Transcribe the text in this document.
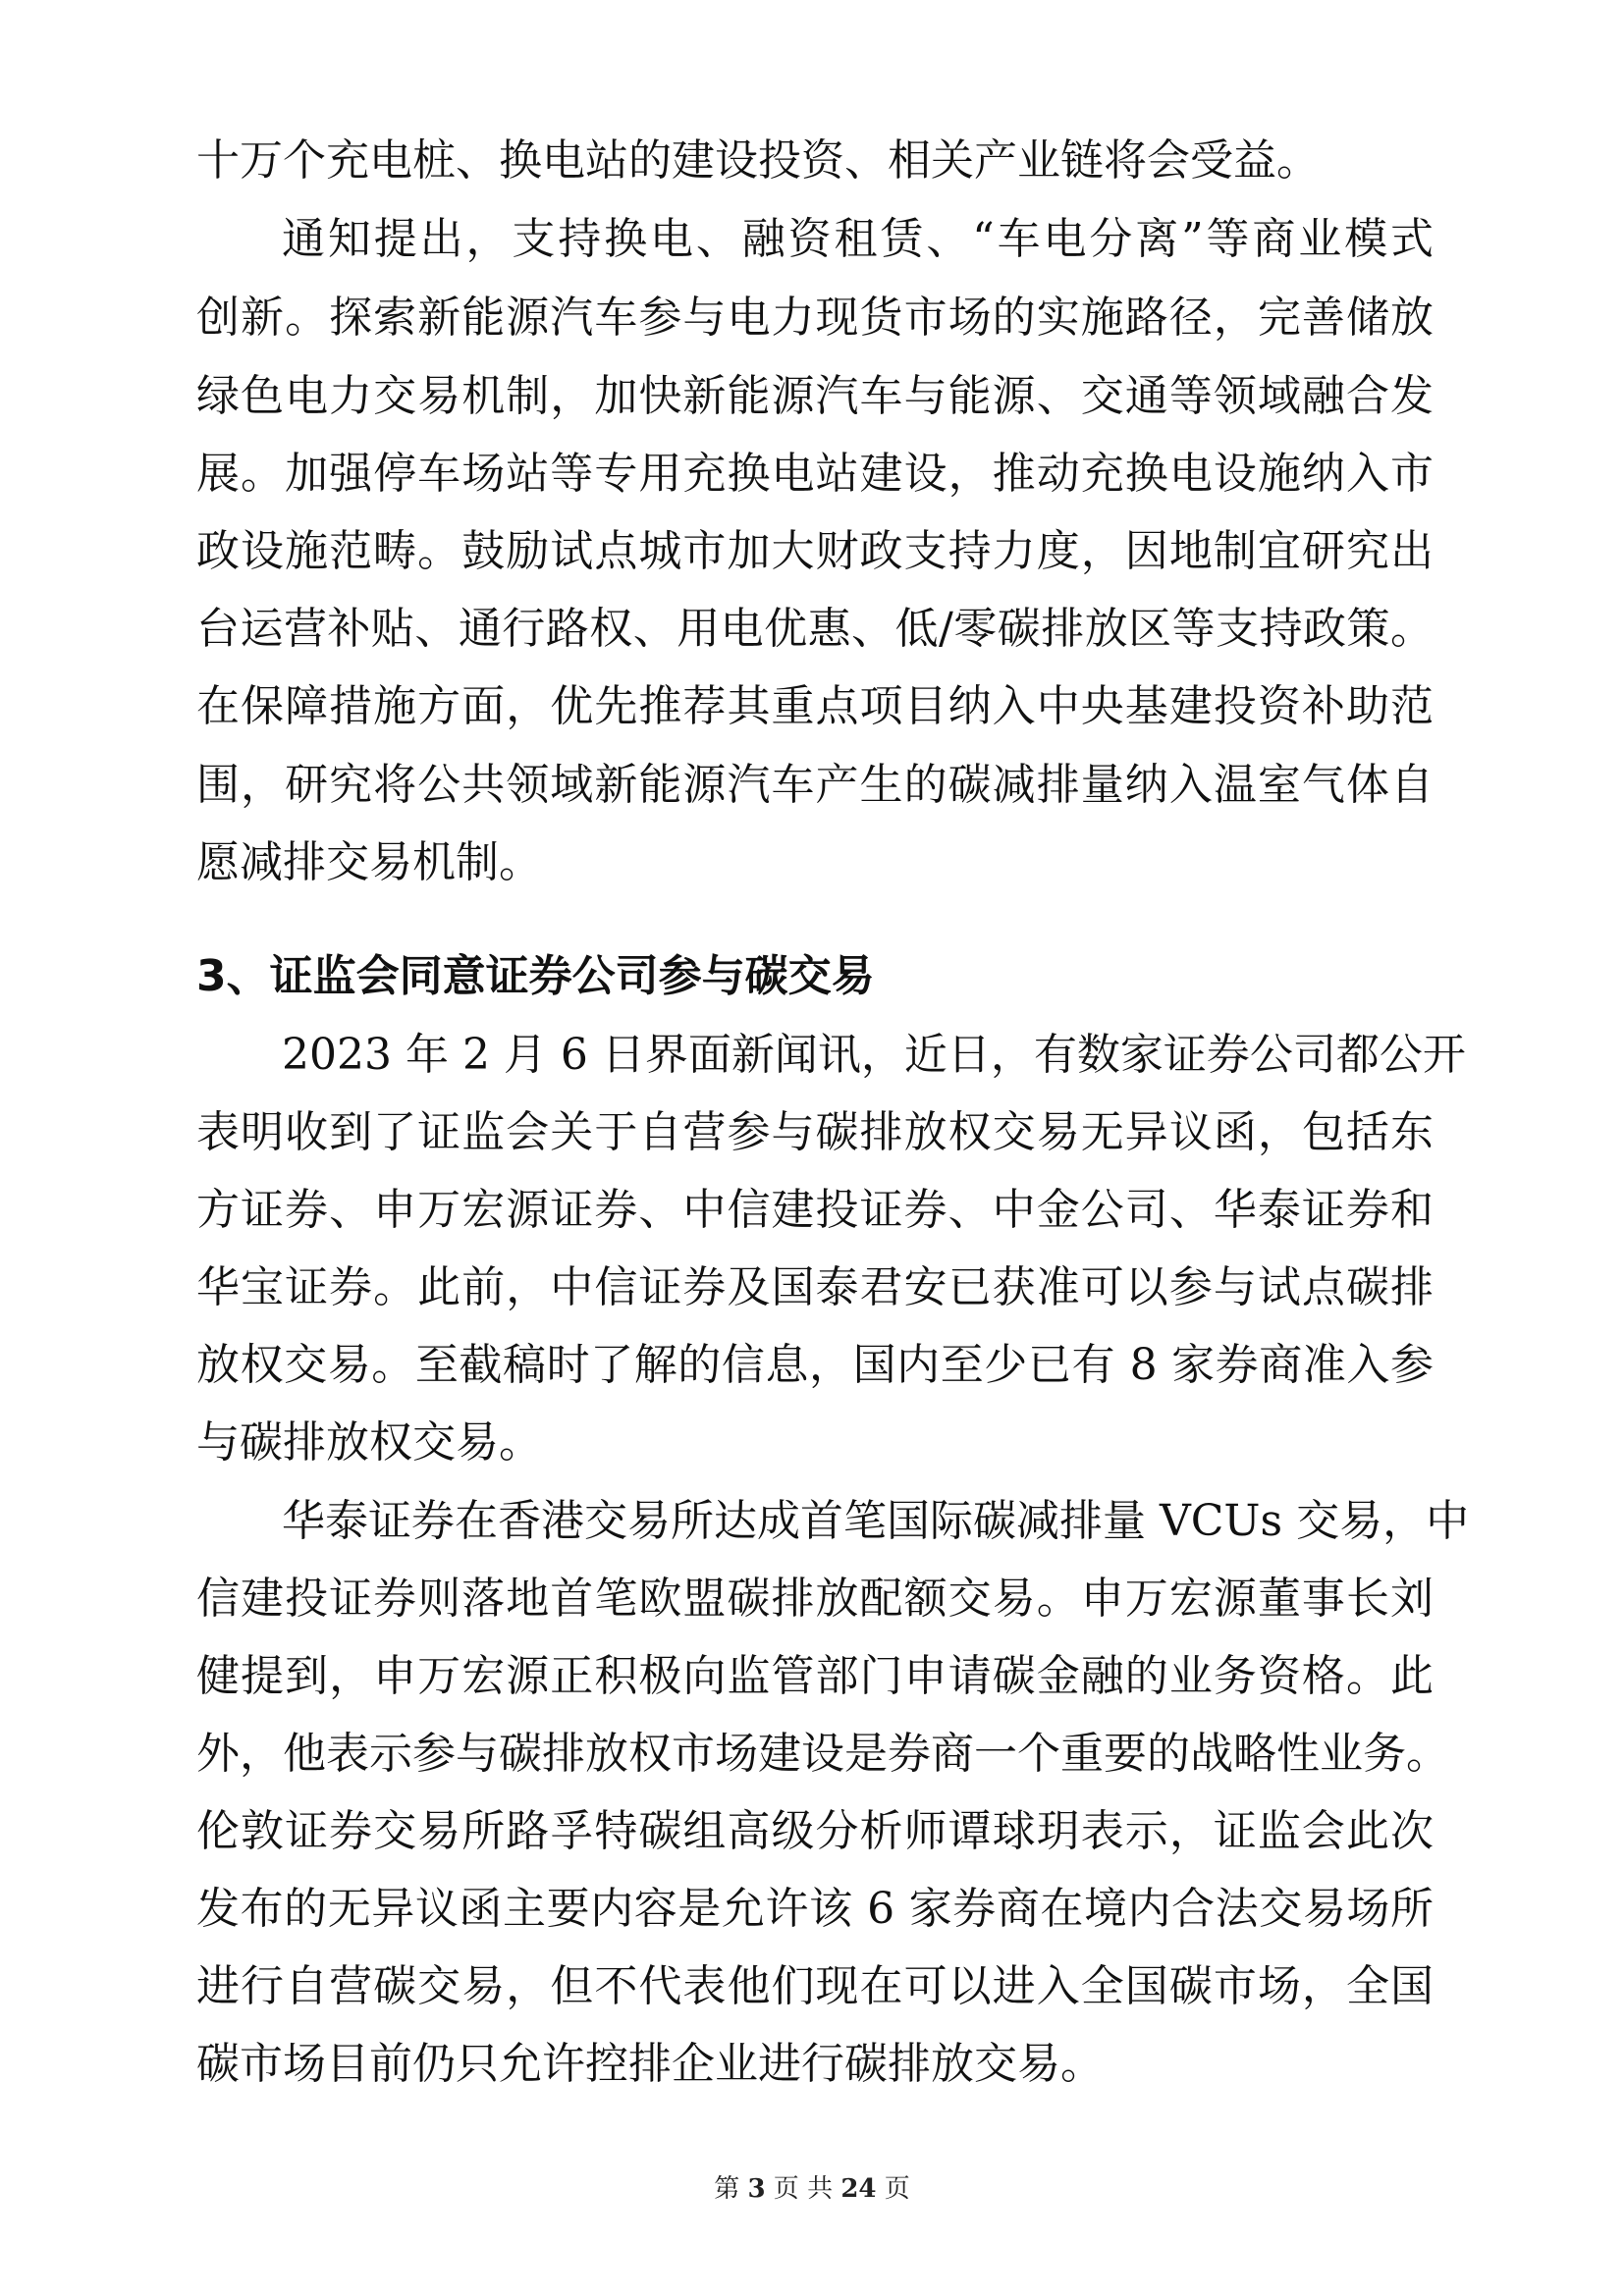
十万个充电桩、换电站的建设投资、相关产业链将会受益。
通知提出，支持换电、融资租赁、“车电分离”等商业模式
创新。探索新能源汽车参与电力现货市场的实施路径，完善储放
绿色电力交易机制，加快新能源汽车与能源、交通等领域融合发
展。加强停车场站等专用充换电站建设，推动充换电设施纳入市
政设施范畴。鼓励试点城市加大财政支持力度，因地制宜研究出
台运营补贴、通行路权、用电优惠、低/零碳排放区等支持政策。
在保障措施方面，优先推荐其重点项目纳入中央基建投资补助范
围，研究将公共领域新能源汽车产生的碳减排量纳入温室气体自
愿减排交易机制。
3、证监会同意证券公司参与碳交易
2023 年 2 月 6 日界面新闻讯，近日，有数家证券公司都公开
表明收到了证监会关于自营参与碳排放权交易无异议函，包括东
方证券、申万宏源证券、中信建投证券、中金公司、华泰证券和
华宝证券。此前，中信证券及国泰君安已获准可以参与试点碳排
放权交易。至截稿时了解的信息，国内至少已有 8 家券商准入参
与碳排放权交易。
华泰证券在香港交易所达成首笔国际碳减排量 VCUs 交易，中
信建投证券则落地首笔欧盟碳排放配额交易。申万宏源董事长刘
健提到，申万宏源正积极向监管部门申请碳金融的业务资格。此
外，他表示参与碳排放权市场建设是券商一个重要的战略性业务。
伦敦证券交易所路孚特碳组高级分析师谭球玥表示，证监会此次
发布的无异议函主要内容是允许该 6 家券商在境内合法交易场所
进行自营碳交易，但不代表他们现在可以进入全国碳市场，全国
碳市场目前仍只允许控排企业进行碳排放交易。
第 3 页 共 24 页
